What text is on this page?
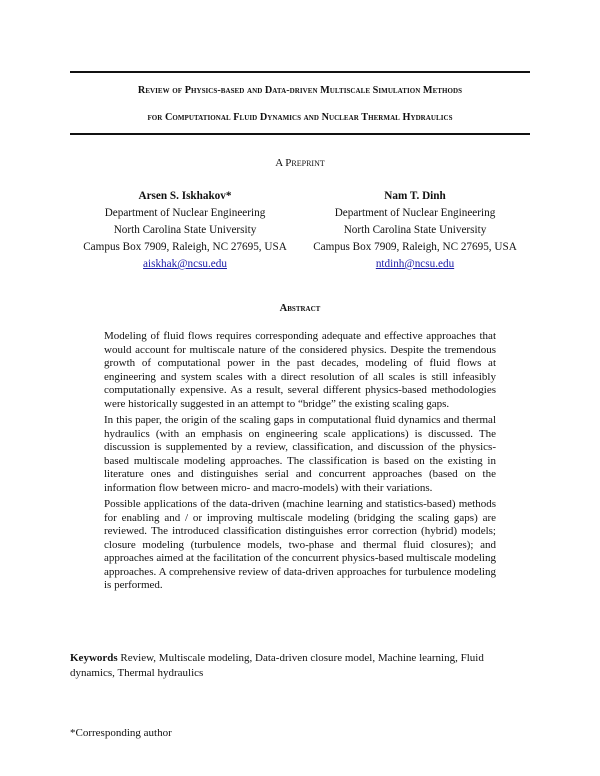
Review of Physics-based and Data-driven Multiscale Simulation Methods
for Computational Fluid Dynamics and Nuclear Thermal Hydraulics
A Preprint
Arsen S. Iskhakov*
Department of Nuclear Engineering
North Carolina State University
Campus Box 7909, Raleigh, NC 27695, USA
aiskhak@ncsu.edu
Nam T. Dinh
Department of Nuclear Engineering
North Carolina State University
Campus Box 7909, Raleigh, NC 27695, USA
ntdinh@ncsu.edu
Abstract

Modeling of fluid flows requires corresponding adequate and effective approaches that would account for multiscale nature of the considered physics. Despite the tremendous growth of computational power in the past decades, modeling of fluid flows at engineering and system scales with a direct resolution of all scales is still infeasibly computationally expensive. As a result, several different physics-based methodologies were historically suggested in an attempt to “bridge” the existing scaling gaps.

In this paper, the origin of the scaling gaps in computational fluid dynamics and thermal hydraulics (with an emphasis on engineering scale applications) is discussed. The discussion is supplemented by a review, classification, and discussion of the physics-based multiscale modeling approaches. The classification is based on the existing in literature ones and distinguishes serial and concurrent approaches (based on the information flow between micro- and macro-models) with their variations.

Possible applications of the data-driven (machine learning and statistics-based) methods for enabling and / or improving multiscale modeling (bridging the scaling gaps) are reviewed. The introduced classification distinguishes error correction (hybrid) models; closure modeling (turbulence models, two-phase and thermal fluid closures); and approaches aimed at the facilitation of the concurrent physics-based multiscale modeling approaches. A comprehensive review of data-driven approaches for turbulence modeling is performed.

Keywords Review, Multiscale modeling, Data-driven closure model, Machine learning, Fluid dynamics, Thermal hydraulics
*Corresponding author
